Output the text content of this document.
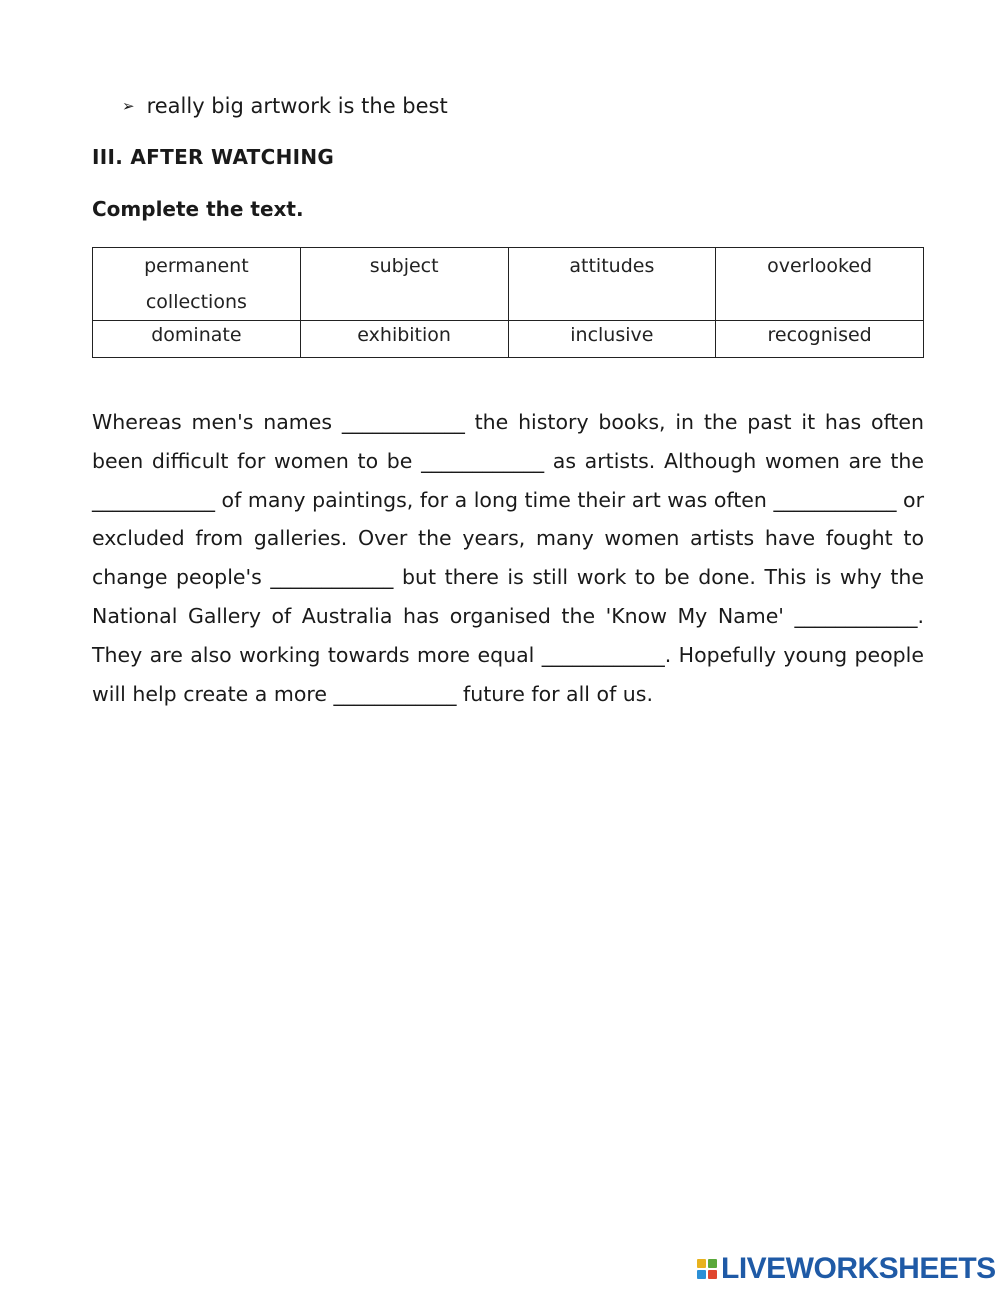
➢ really big artwork is the best
III. AFTER WATCHING
Complete the text.
permanent collections	subject	attitudes	overlooked
dominate	exhibition	inclusive	recognised
Whereas men's names ____________ the history books, in the past it has often been difficult for women to be ____________ as artists. Although women are the ____________ of many paintings, for a long time their art was often ____________ or excluded from galleries. Over the years, many women artists have fought to change people's ____________ but there is still work to be done. This is why the National Gallery of Australia has organised the 'Know My Name' ____________. They are also working towards more equal ____________. Hopefully young people will help create a more ____________ future for all of us.
LIVEWORKSHEETS
